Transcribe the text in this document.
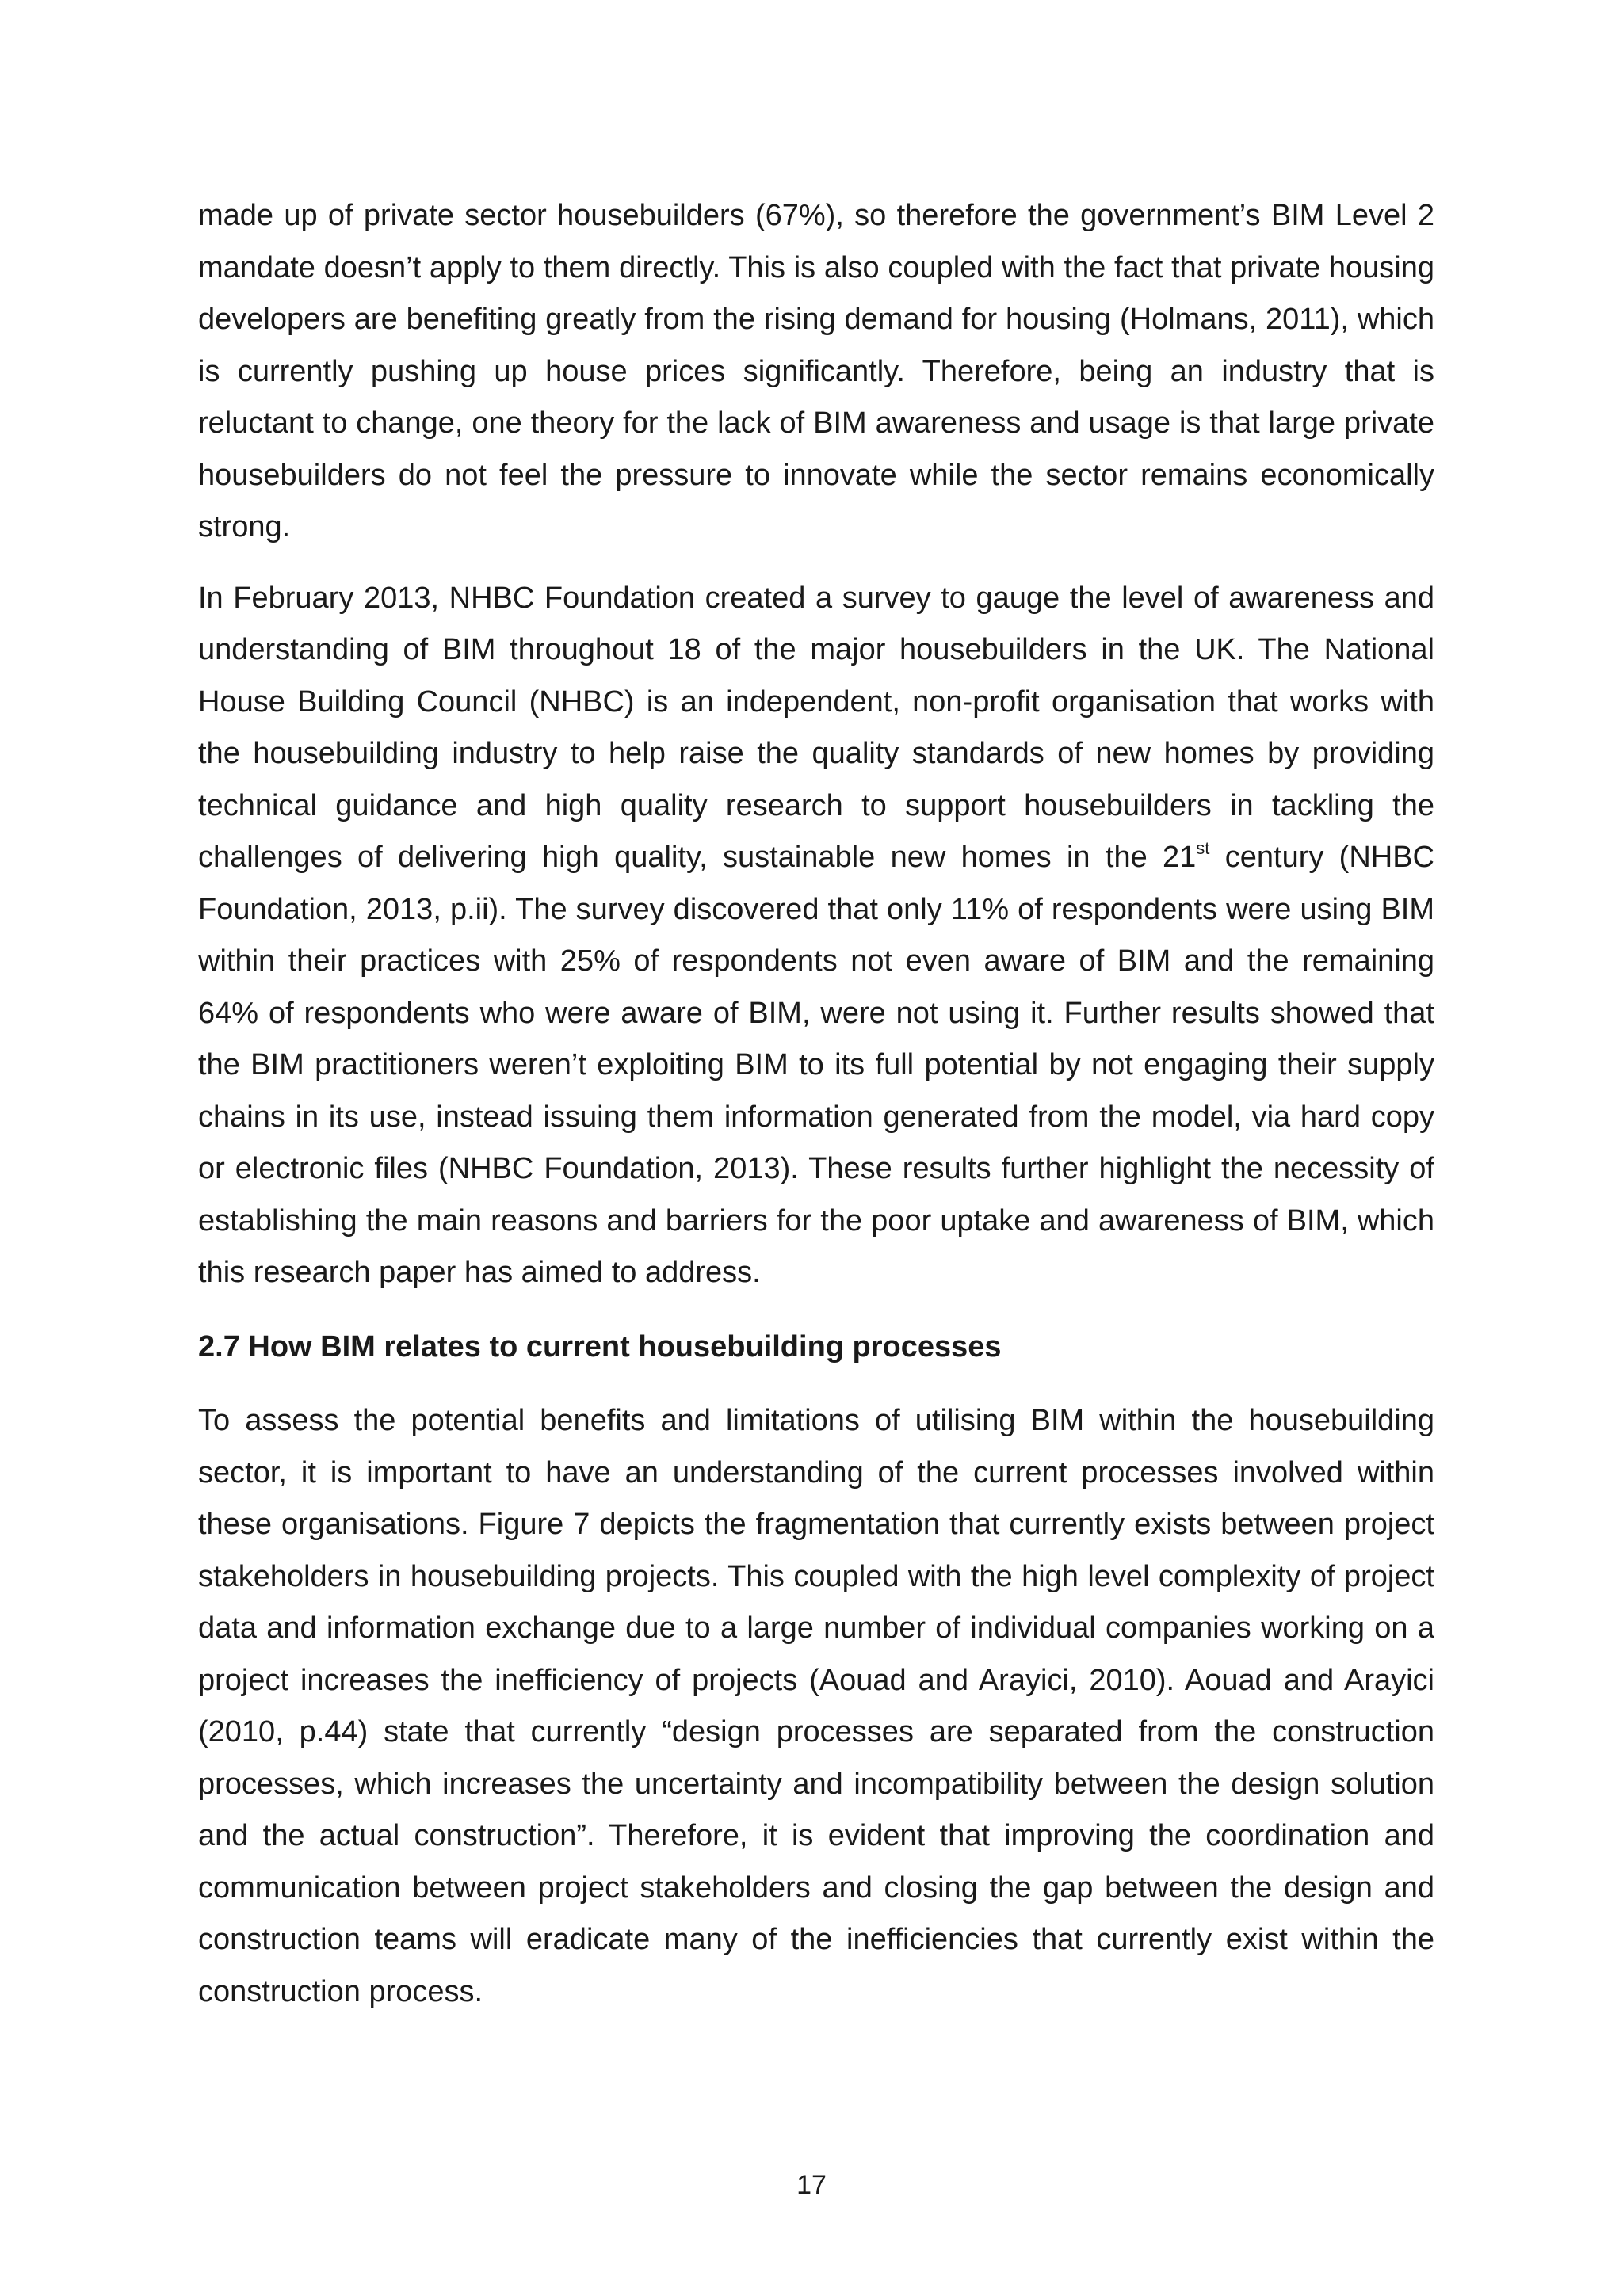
made up of private sector housebuilders (67%), so therefore the government’s BIM Level 2 mandate doesn’t apply to them directly. This is also coupled with the fact that private housing developers are benefiting greatly from the rising demand for housing (Holmans, 2011), which is currently pushing up house prices significantly. Therefore, being an industry that is reluctant to change, one theory for the lack of BIM awareness and usage is that large private housebuilders do not feel the pressure to innovate while the sector remains economically strong.

In February 2013, NHBC Foundation created a survey to gauge the level of awareness and understanding of BIM throughout 18 of the major housebuilders in the UK. The National House Building Council (NHBC) is an independent, non-profit organisation that works with the housebuilding industry to help raise the quality standards of new homes by providing technical guidance and high quality research to support housebuilders in tackling the challenges of delivering high quality, sustainable new homes in the 21st century (NHBC Foundation, 2013, p.ii). The survey discovered that only 11% of respondents were using BIM within their practices with 25% of respondents not even aware of BIM and the remaining 64% of respondents who were aware of BIM, were not using it. Further results showed that the BIM practitioners weren’t exploiting BIM to its full potential by not engaging their supply chains in its use, instead issuing them information generated from the model, via hard copy or electronic files (NHBC Foundation, 2013). These results further highlight the necessity of establishing the main reasons and barriers for the poor uptake and awareness of BIM, which this research paper has aimed to address.

2.7 How BIM relates to current housebuilding processes

To assess the potential benefits and limitations of utilising BIM within the housebuilding sector, it is important to have an understanding of the current processes involved within these organisations. Figure 7 depicts the fragmentation that currently exists between project stakeholders in housebuilding projects. This coupled with the high level complexity of project data and information exchange due to a large number of individual companies working on a project increases the inefficiency of projects (Aouad and Arayici, 2010). Aouad and Arayici (2010, p.44) state that currently “design processes are separated from the construction processes, which increases the uncertainty and incompatibility between the design solution and the actual construction”. Therefore, it is evident that improving the coordination and communication between project stakeholders and closing the gap between the design and construction teams will eradicate many of the inefficiencies that currently exist within the construction process.

17
